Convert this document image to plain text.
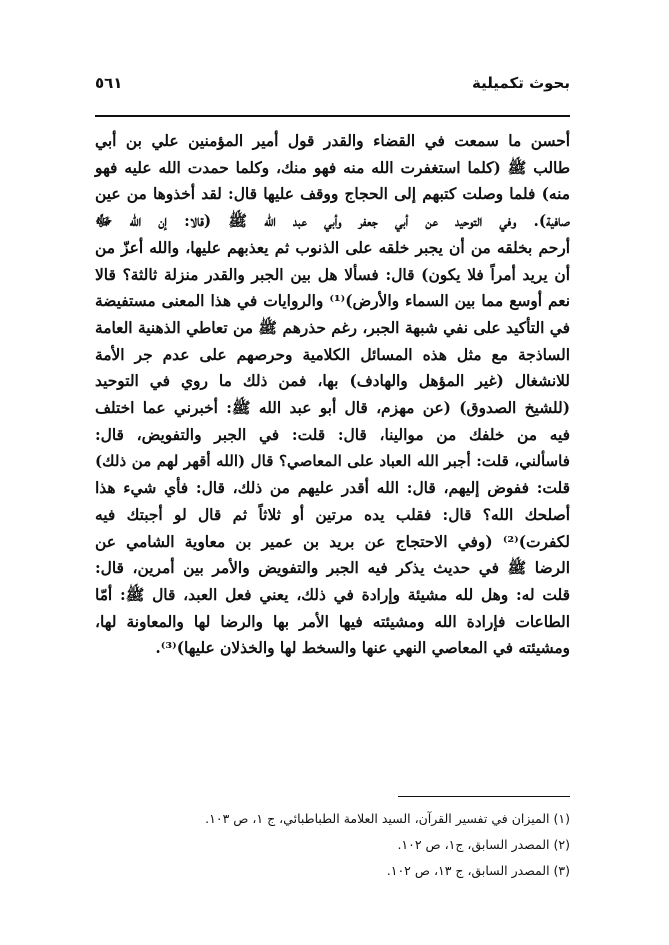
٥٦١	بحوث تكميلية
أحسن ما سمعت في القضاء والقدر قول أمير المؤمنين علي بن أبي
طالب ﷺ (كلما استغفرت الله منه فهو منك، وكلما حمدت الله عليه فهو
منه) فلما وصلت كتبهم إلى الحجاج ووقف عليها قال: لقد أخذوها من عين
صافية). وفي التوحيد عن أبي جعفر وأبي عبد الله ﷺ (قالا: إن الله ﷻ
أرحم بخلقه من أن يجبر خلقه على الذنوب ثم يعذبهم عليها، والله أعزّ من
أن يريد أمراً فلا يكون) قال: فسألا هل بين الجبر والقدر منزلة ثالثة؟ قالا
نعم أوسع مما بين السماء والأرض)⁽¹⁾ والروايات في هذا المعنى مستفيضة
في التأكيد على نفي شبهة الجبر، رغم حذرهم ﷺ من تعاطي الذهنية العامة
الساذجة مع مثل هذه المسائل الكلامية وحرصهم على عدم جر الأمة
للانشغال (غير المؤهل والهادف) بها، فمن ذلك ما روي في التوحيد
(للشيخ الصدوق) (عن مهزم، قال أبو عبد الله ﷺ: أخبرني عما اختلف
فيه من خلفك من موالينا، قال: قلت: في الجبر والتفويض، قال:
فاسألني، قلت: أجبر الله العباد على المعاصي؟ قال (الله أقهر لهم من ذلك)
قلت: ففوض إليهم، قال: الله أقدر عليهم من ذلك، قال: فأي شيء هذا
أصلحك الله؟ قال: فقلب يده مرتين أو ثلاثاً ثم قال لو أجبتك فيه
لكفرت)⁽²⁾ (وفي الاحتجاج عن بريد بن عمير بن معاوية الشامي عن
الرضا ﷺ في حديث يذكر فيه الجبر والتفويض والأمر بين أمرين، قال:
قلت له: وهل لله مشيئة وإرادة في ذلك، يعني فعل العبد، قال ﷺ: أمّا
الطاعات فإرادة الله ومشيئته فيها الأمر بها والرضا لها والمعاونة لها،
ومشيئته في المعاصي النهي عنها والسخط لها والخذلان عليها)⁽³⁾.
(١) الميزان في تفسير القرآن، السيد العلامة الطباطبائي، ج ١، ص ١٠٣.
(٢) المصدر السابق، ج١، ص ١٠٢.
(٣) المصدر السابق، ج ١٣، ص ١٠٢.
